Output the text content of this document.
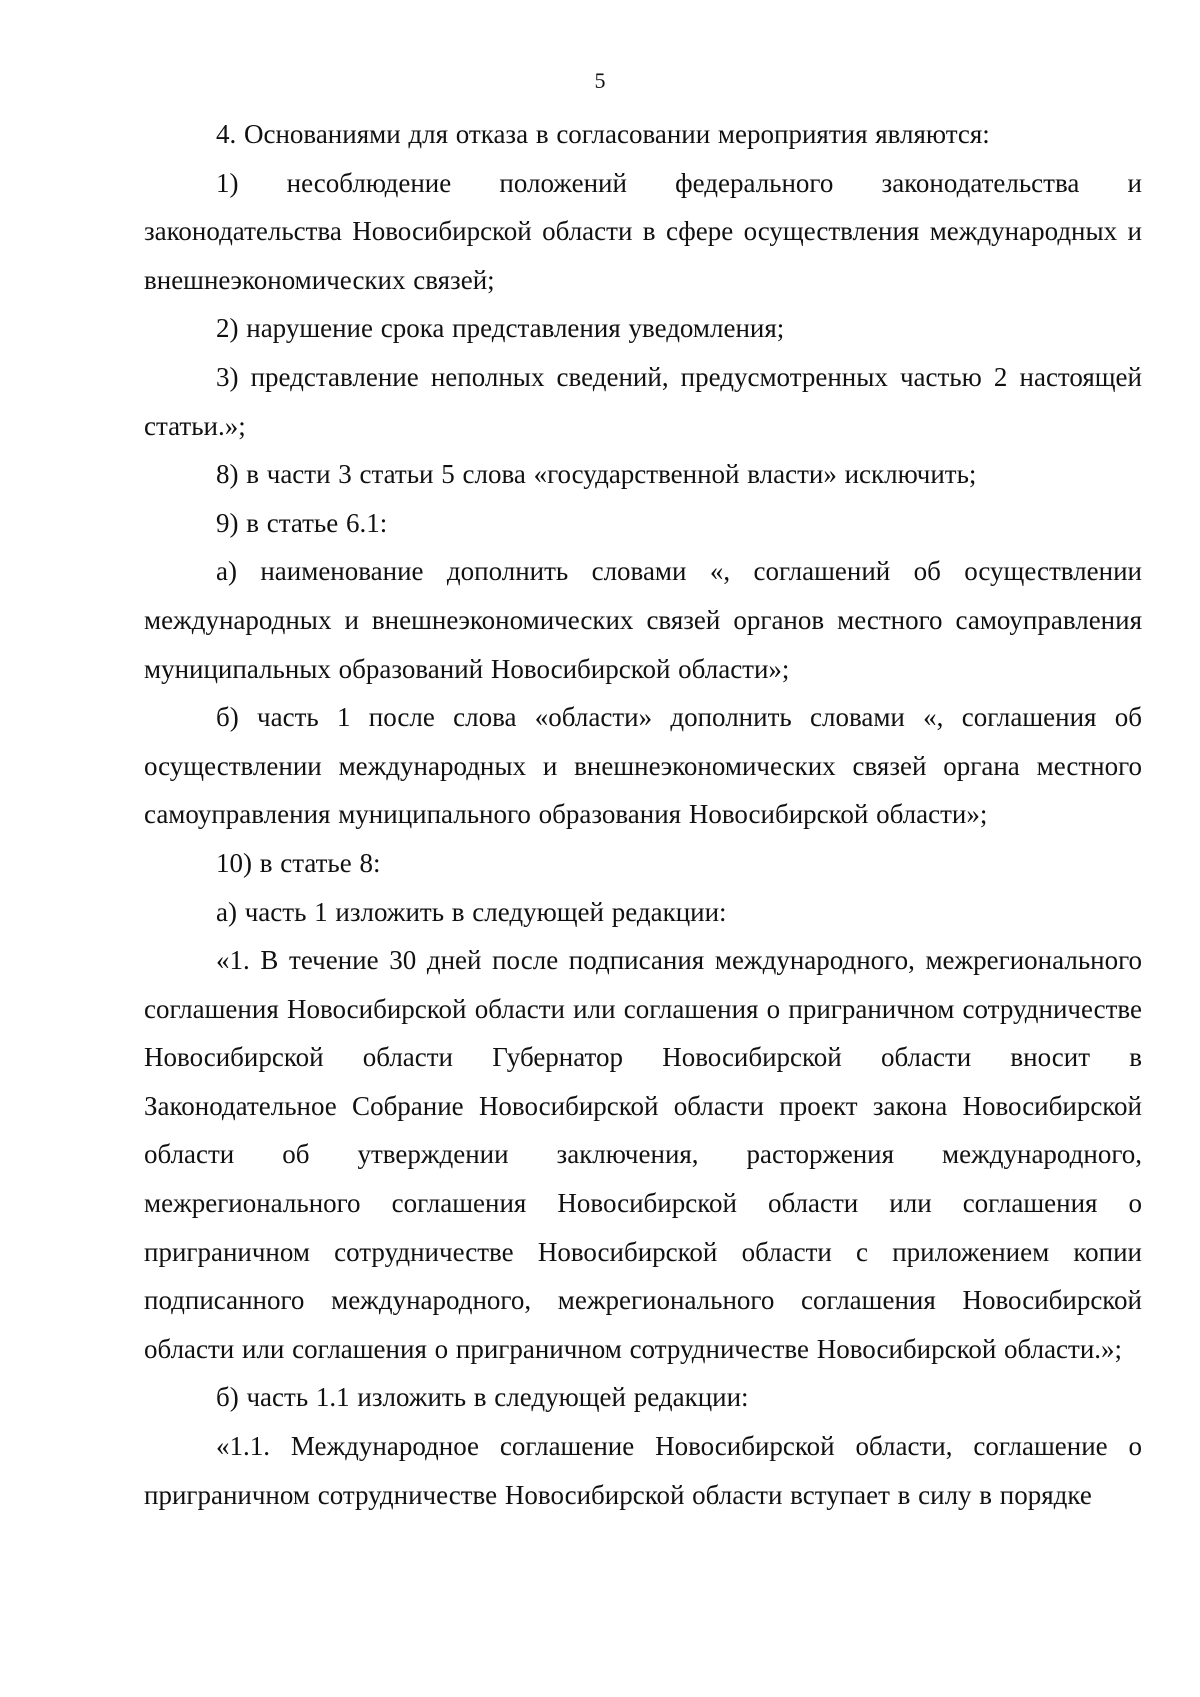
5

4. Основаниями для отказа в согласовании мероприятия являются:

1) несоблюдение положений федерального законодательства и законодательства Новосибирской области в сфере осуществления международных и внешнеэкономических связей;

2) нарушение срока представления уведомления;

3) представление неполных сведений, предусмотренных частью 2 настоящей статьи.»;

8) в части 3 статьи 5 слова «государственной власти» исключить;

9) в статье 6.1:

а) наименование дополнить словами «, соглашений об осуществлении международных и внешнеэкономических связей органов местного самоуправления муниципальных образований Новосибирской области»;

б) часть 1 после слова «области» дополнить словами «, соглашения об осуществлении международных и внешнеэкономических связей органа местного самоуправления муниципального образования Новосибирской области»;

10) в статье 8:

а) часть 1 изложить в следующей редакции:

«1. В течение 30 дней после подписания международного, межрегионального соглашения Новосибирской области или соглашения о приграничном сотрудничестве Новосибирской области Губернатор Новосибирской области вносит в Законодательное Собрание Новосибирской области проект закона Новосибирской области об утверждении заключения, расторжения международного, межрегионального соглашения Новосибирской области или соглашения о приграничном сотрудничестве Новосибирской области с приложением копии подписанного международного, межрегионального соглашения Новосибирской области или соглашения о приграничном сотрудничестве Новосибирской области.»;

б) часть 1.1 изложить в следующей редакции:

«1.1. Международное соглашение Новосибирской области, соглашение о приграничном сотрудничестве Новосибирской области вступает в силу в порядке
